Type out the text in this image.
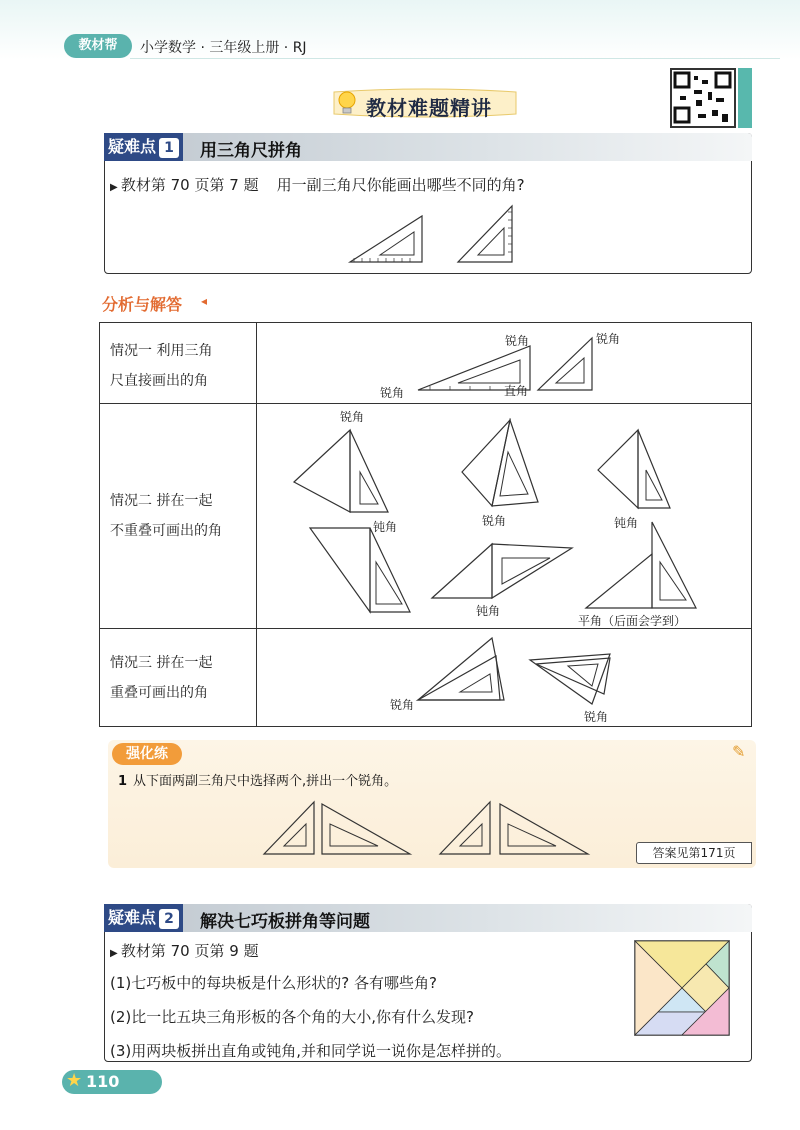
教材帮	小学数学 · 三年级上册 · RJ
教材难题精讲
疑难点 1	用三角尺拼角
▶ 教材第 70 页第 7 题 用一副三角尺你能画出哪些不同的角?
分析与解答 ◂
情况一 利用三角
尺直接画出的角
情况二 拼在一起
不重叠可画出的角
情况三 拼在一起
重叠可画出的角
锐角
锐角	直角
锐角
锐角
钝角	锐角	钝角
钝角
平角（后面会学到）
锐角
锐角
强化练	✎
1 从下面两副三角尺中选择两个,拼出一个锐角。
答案见第171页
疑难点 2	解决七巧板拼角等问题
▶ 教材第 70 页第 9 题
(1)七巧板中的每块板是什么形状的? 各有哪些角?
(2)比一比五块三角形板的各个角的大小,你有什么发现?
(3)用两块板拼出直角或钝角,并和同学说一说你是怎样拼的。
★ 110
